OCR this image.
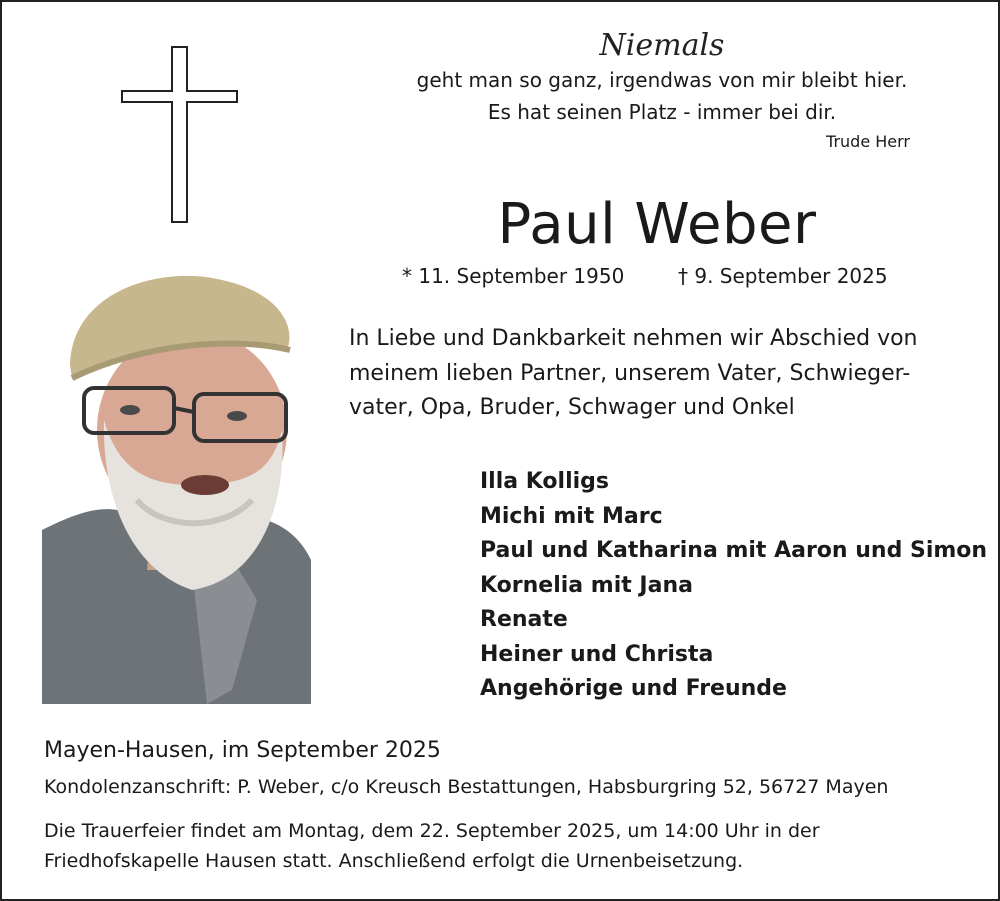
Niemals
geht man so ganz, irgendwas von mir bleibt hier.
Es hat seinen Platz - immer bei dir.
Trude Herr
Paul Weber
* 11. September 1950	† 9. September 2025
In Liebe und Dankbarkeit nehmen wir Abschied von
meinem lieben Partner, unserem Vater, Schwieger-
vater, Opa, Bruder, Schwager und Onkel
Illa Kolligs
Michi mit Marc
Paul und Katharina mit Aaron und Simon
Kornelia mit Jana
Renate
Heiner und Christa
Angehörige und Freunde
Mayen-Hausen, im September 2025
Kondolenzanschrift: P. Weber, c/o Kreusch Bestattungen, Habsburgring 52, 56727 Mayen
Die Trauerfeier findet am Montag, dem 22. September 2025, um 14:00 Uhr in der
Friedhofskapelle Hausen statt. Anschließend erfolgt die Urnenbeisetzung.
